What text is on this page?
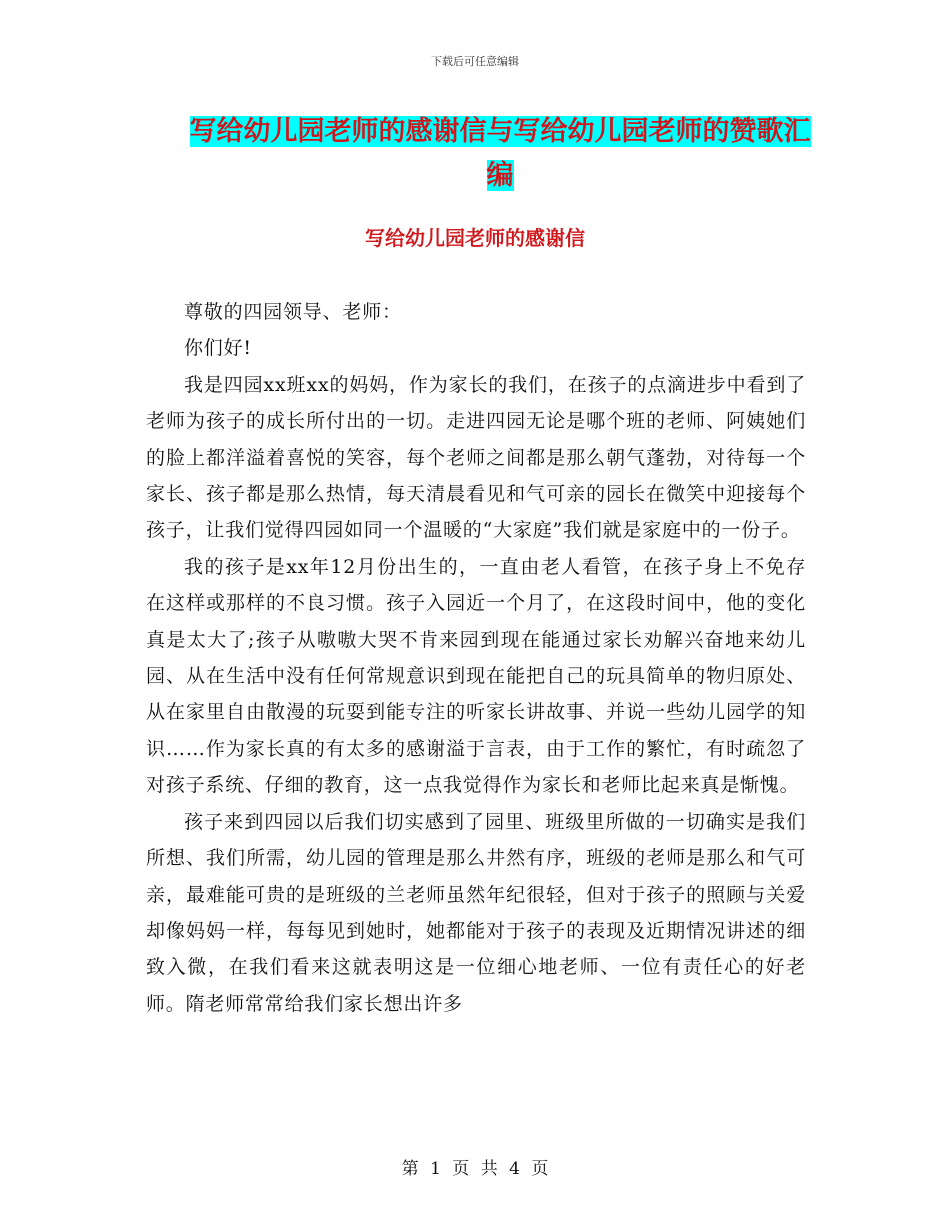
下载后可任意编辑
写给幼儿园老师的感谢信与写给幼儿园老师的赞歌汇
编
写给幼儿园老师的感谢信

尊敬的四园领导、老师：

你们好!

我是四园xx班xx的妈妈，作为家长的我们，在孩子的点滴进步中看到了老师为孩子的成长所付出的一切。走进四园无论是哪个班的老师、阿姨她们的脸上都洋溢着喜悦的笑容，每个老师之间都是那么朝气蓬勃，对待每一个家长、孩子都是那么热情，每天清晨看见和气可亲的园长在微笑中迎接每个孩子，让我们觉得四园如同一个温暖的“大家庭”我们就是家庭中的一份子。

我的孩子是xx年12月份出生的，一直由老人看管，在孩子身上不免存在这样或那样的不良习惯。孩子入园近一个月了，在这段时间中，他的变化真是太大了;孩子从嗷嗷大哭不肯来园到现在能通过家长劝解兴奋地来幼儿园、从在生活中没有任何常规意识到现在能把自己的玩具简单的物归原处、从在家里自由散漫的玩耍到能专注的听家长讲故事、并说一些幼儿园学的知识……作为家长真的有太多的感谢溢于言表，由于工作的繁忙，有时疏忽了对孩子系统、仔细的教育，这一点我觉得作为家长和老师比起来真是惭愧。

孩子来到四园以后我们切实感到了园里、班级里所做的一切确实是我们所想、我们所需，幼儿园的管理是那么井然有序，班级的老师是那么和气可亲，最难能可贵的是班级的兰老师虽然年纪很轻，但对于孩子的照顾与关爱却像妈妈一样，每每见到她时，她都能对于孩子的表现及近期情况讲述的细致入微，在我们看来这就表明这是一位细心地老师、一位有责任心的好老师。隋老师常常给我们家长想出许多

第 1 页 共 4 页
